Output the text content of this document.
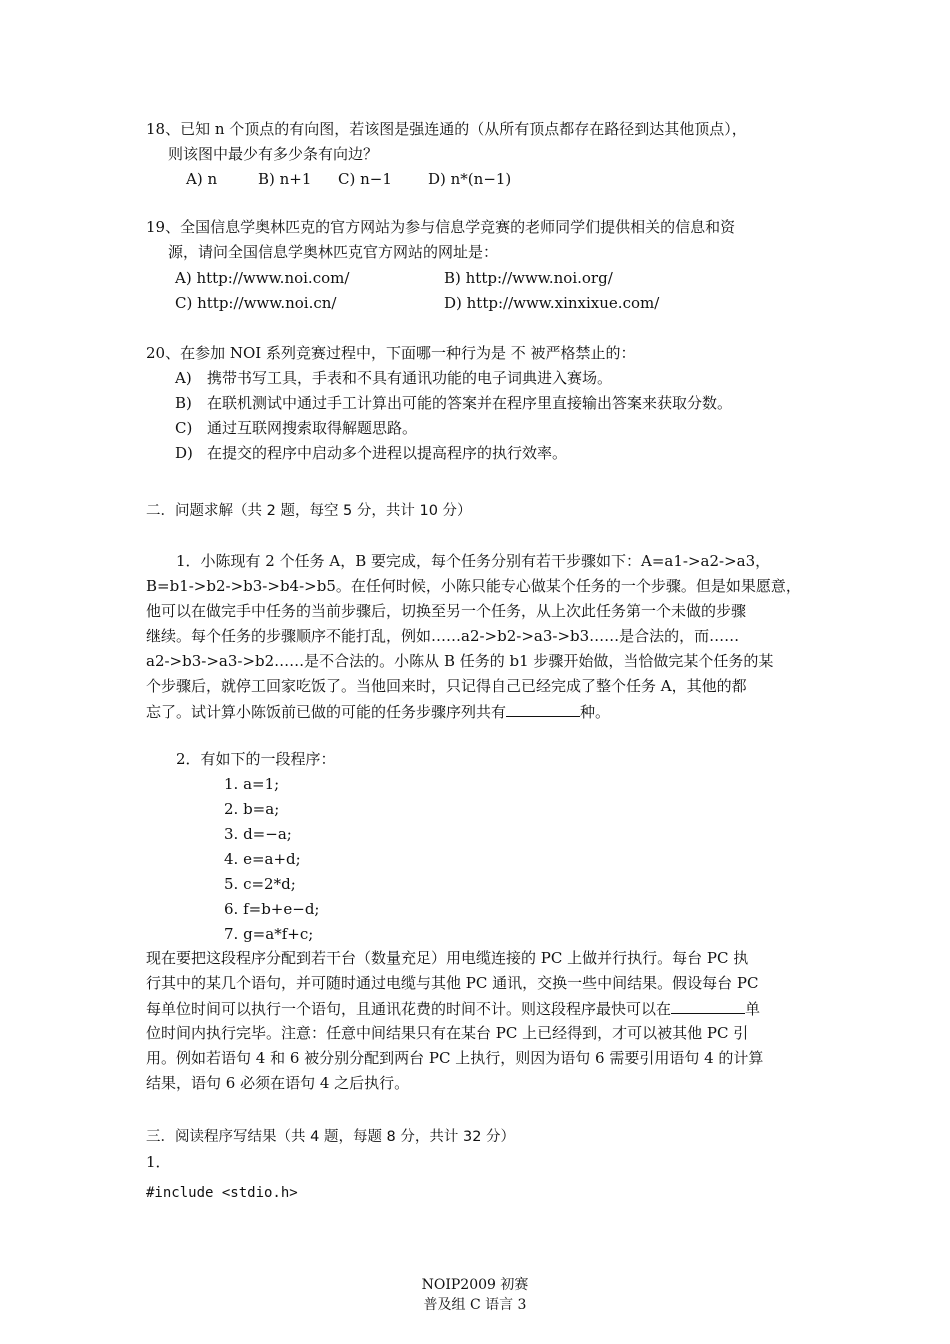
18、已知 n 个顶点的有向图，若该图是强连通的（从所有顶点都存在路径到达其他顶点），
则该图中最少有多少条有向边？
A) n	B) n+1 C) n−1 D) n*(n−1)
19、全国信息学奥林匹克的官方网站为参与信息学竞赛的老师同学们提供相关的信息和资
源，请问全国信息学奥林匹克官方网站的网址是：
A) http://www.noi.com/	B) http://www.noi.org/
C) http://www.noi.cn/	D) http://www.xinxixue.com/
20、在参加 NOI 系列竞赛过程中，下面哪一种行为是 不 被严格禁止的：
A) 携带书写工具，手表和不具有通讯功能的电子词典进入赛场。
B) 在联机测试中通过手工计算出可能的答案并在程序里直接输出答案来获取分数。
C) 通过互联网搜索取得解题思路。
D) 在提交的程序中启动多个进程以提高程序的执行效率。
二．问题求解（共 2 题，每空 5 分，共计 10 分）
1．小陈现有 2 个任务 A，B 要完成，每个任务分别有若干步骤如下：A=a1->a2->a3，
B=b1->b2->b3->b4->b5。在任何时候，小陈只能专心做某个任务的一个步骤。但是如果愿意，
他可以在做完手中任务的当前步骤后，切换至另一个任务，从上次此任务第一个未做的步骤
继续。每个任务的步骤顺序不能打乱，例如……a2->b2->a3->b3……是合法的，而……
a2->b3->a3->b2……是不合法的。小陈从 B 任务的 b1 步骤开始做，当恰做完某个任务的某
个步骤后，就停工回家吃饭了。当他回来时，只记得自己已经完成了整个任务 A，其他的都
忘了。试计算小陈饭前已做的可能的任务步骤序列共有	种。
2．有如下的一段程序：
1. a=1;
2. b=a;
3. d=−a;
4. e=a+d;
5. c=2*d;
6. f=b+e−d;
7. g=a*f+c;
现在要把这段程序分配到若干台（数量充足）用电缆连接的 PC 上做并行执行。每台 PC 执
行其中的某几个语句，并可随时通过电缆与其他 PC 通讯，交换一些中间结果。假设每台 PC
每单位时间可以执行一个语句，且通讯花费的时间不计。则这段程序最快可以在	单
位时间内执行完毕。注意：任意中间结果只有在某台 PC 上已经得到，才可以被其他 PC 引
用。例如若语句 4 和 6 被分别分配到两台 PC 上执行，则因为语句 6 需要引用语句 4 的计算
结果，语句 6 必须在语句 4 之后执行。
三．阅读程序写结果（共 4 题，每题 8 分，共计 32 分）
1．
#include <stdio.h>
NOIP2009 初赛
普及组 C 语言 3
